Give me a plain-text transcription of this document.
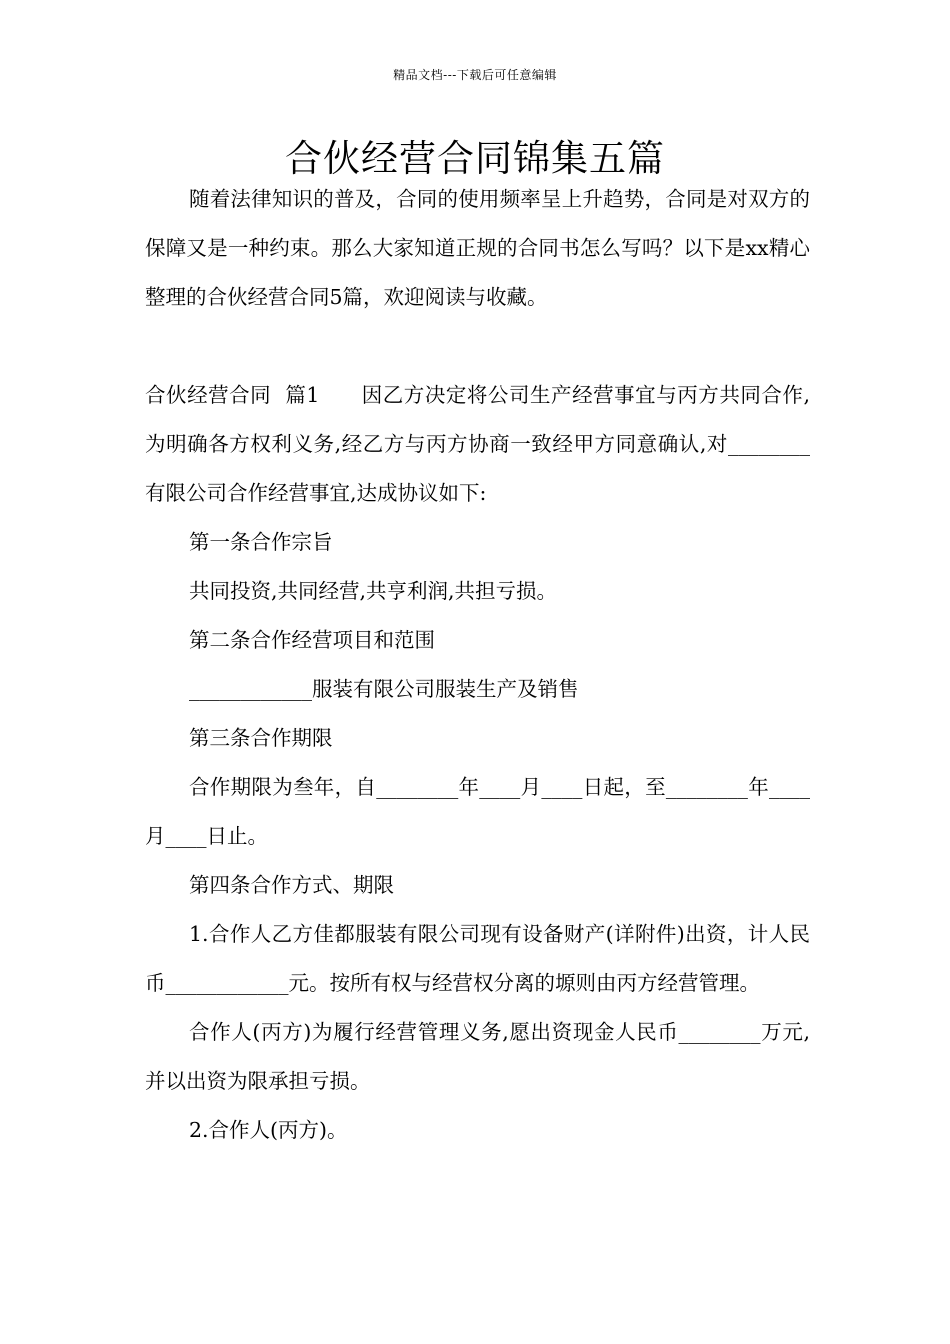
精品文档---下载后可任意编辑
合伙经营合同锦集五篇

随着法律知识的普及，合同的使用频率呈上升趋势，合同是对双方的保障又是一种约束。那么大家知道正规的合同书怎么写吗？以下是xx精心整理的合伙经营合同5篇，欢迎阅读与收藏。

合伙经营合同  篇1      因乙方决定将公司生产经营事宜与丙方共同合作,为明确各方权利义务,经乙方与丙方协商一致经甲方同意确认,对________有限公司合作经营事宜,达成协议如下:

第一条合作宗旨

共同投资,共同经营,共亨利润,共担亏损。

第二条合作经营项目和范围

____________服装有限公司服装生产及销售

第三条合作期限

合作期限为叁年，自________年____月____日起，至________年____月____日止。

第四条合作方式、期限

1.合作人乙方佳都服装有限公司现有设备财产(详附件)出资，计人民币____________元。按所有权与经营权分离的塬则由丙方经营管理。

合作人(丙方)为履行经营管理义务,愿出资现金人民币________万元,并以出资为限承担亏损。

2.合作人(丙方)。
